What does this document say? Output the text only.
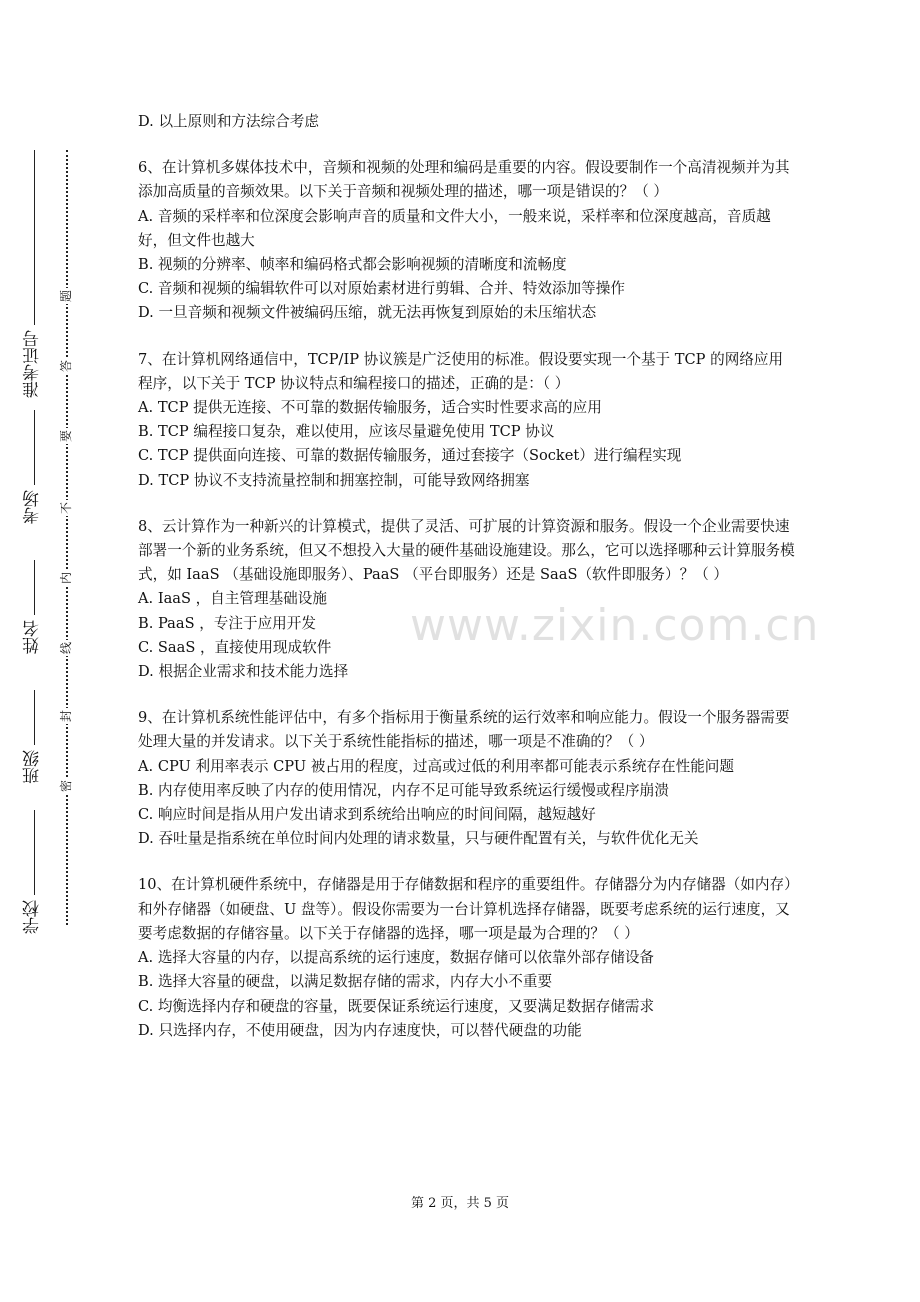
准考证号
考场
姓名
班级
学校
题
答
要
不
内
线
封
密

D. 以上原则和方法综合考虑

6、在计算机多媒体技术中，音频和视频的处理和编码是重要的内容。假设要制作一个高清视频并为其添加高质量的音频效果。以下关于音频和视频处理的描述，哪一项是错误的？（ ）

A. 音频的采样率和位深度会影响声音的质量和文件大小，一般来说，采样率和位深度越高，音质越好，但文件也越大

B. 视频的分辨率、帧率和编码格式都会影响视频的清晰度和流畅度

C. 音频和视频的编辑软件可以对原始素材进行剪辑、合并、特效添加等操作

D. 一旦音频和视频文件被编码压缩，就无法再恢复到原始的未压缩状态

7、在计算机网络通信中，TCP/IP 协议簇是广泛使用的标准。假设要实现一个基于 TCP 的网络应用程序，以下关于 TCP 协议特点和编程接口的描述，正确的是：（ ）

A. TCP 提供无连接、不可靠的数据传输服务，适合实时性要求高的应用

B. TCP 编程接口复杂，难以使用，应该尽量避免使用 TCP 协议

C. TCP 提供面向连接、可靠的数据传输服务，通过套接字（Socket）进行编程实现

D. TCP 协议不支持流量控制和拥塞控制，可能导致网络拥塞

8、云计算作为一种新兴的计算模式，提供了灵活、可扩展的计算资源和服务。假设一个企业需要快速部署一个新的业务系统，但又不想投入大量的硬件基础设施建设。那么，它可以选择哪种云计算服务模式，如 IaaS （基础设施即服务）、PaaS （平台即服务）还是 SaaS（软件即服务）？（ ）

A. IaaS ，自主管理基础设施

B. PaaS ，专注于应用开发

C. SaaS ，直接使用现成软件

D. 根据企业需求和技术能力选择

9、在计算机系统性能评估中，有多个指标用于衡量系统的运行效率和响应能力。假设一个服务器需要处理大量的并发请求。以下关于系统性能指标的描述，哪一项是不准确的？（ ）

A. CPU 利用率表示 CPU 被占用的程度，过高或过低的利用率都可能表示系统存在性能问题

B. 内存使用率反映了内存的使用情况，内存不足可能导致系统运行缓慢或程序崩溃

C. 响应时间是指从用户发出请求到系统给出响应的时间间隔，越短越好

D. 吞吐量是指系统在单位时间内处理的请求数量，只与硬件配置有关，与软件优化无关

10、在计算机硬件系统中，存储器是用于存储数据和程序的重要组件。存储器分为内存储器（如内存）和外存储器（如硬盘、U 盘等）。假设你需要为一台计算机选择存储器，既要考虑系统的运行速度，又要考虑数据的存储容量。以下关于存储器的选择，哪一项是最为合理的？（ ）

A. 选择大容量的内存，以提高系统的运行速度，数据存储可以依靠外部存储设备

B. 选择大容量的硬盘，以满足数据存储的需求，内存大小不重要

C. 均衡选择内存和硬盘的容量，既要保证系统运行速度，又要满足数据存储需求

D. 只选择内存，不使用硬盘，因为内存速度快，可以替代硬盘的功能

www.zixin.com.cn
第 2 页，共 5 页
